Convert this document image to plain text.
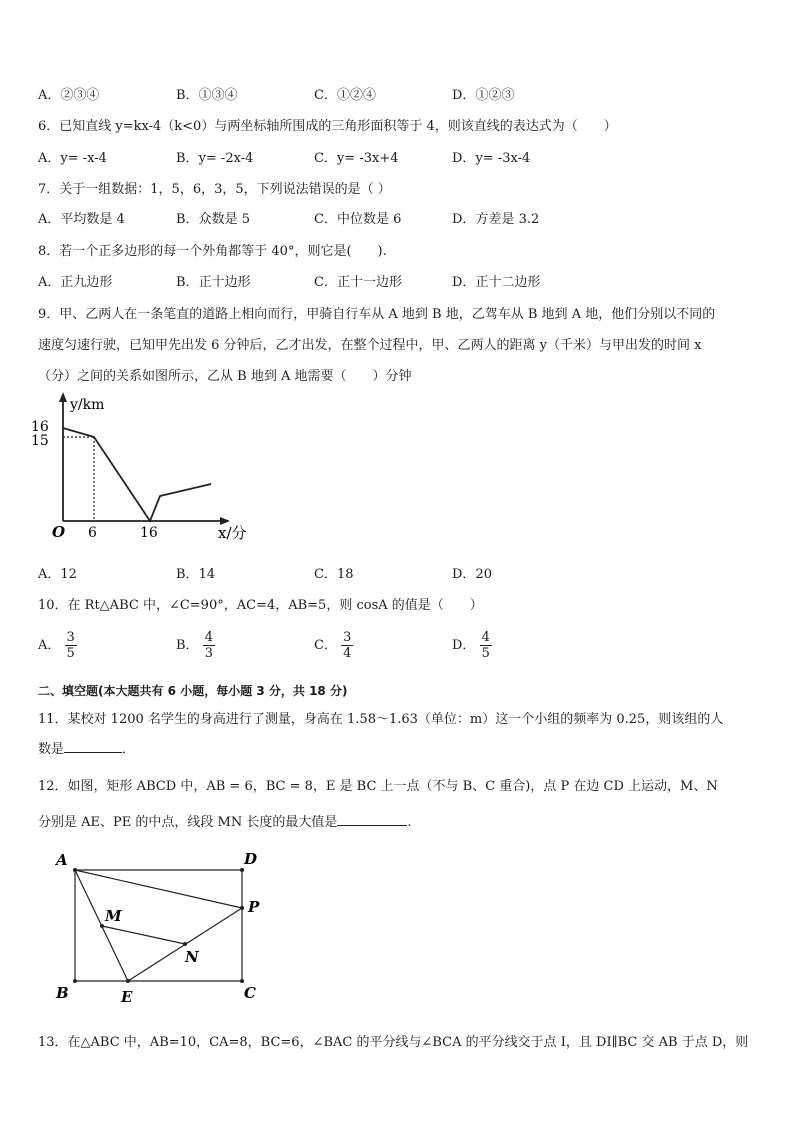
A．②③④	B．①③④	C．①②④	D．①②③
6．已知直线 y=kx-4（k<0）与两坐标轴所围成的三角形面积等于 4，则该直线的表达式为（　　）
A．y= -x-4	B．y= -2x-4	C．y= -3x+4	D．y= -3x-4
7．关于一组数据：1，5，6，3，5，下列说法错误的是（ ）
A．平均数是 4	B．众数是 5	C．中位数是 6	D．方差是 3.2
8．若一个正多边形的每一个外角都等于 40°，则它是(　　).
A．正九边形	B．正十边形	C．正十一边形	D．正十二边形
9．甲、乙两人在一条笔直的道路上相向而行，甲骑自行车从 A 地到 B 地，乙驾车从 B 地到 A 地，他们分别以不同的
速度匀速行驶，已知甲先出发 6 分钟后，乙才出发，在整个过程中，甲、乙两人的距离 y（千米）与甲出发的时间 x
（分）之间的关系如图所示，乙从 B 地到 A 地需要（　　）分钟
y/km
16
15
O 6	16	x/分
A．12	B．14	C．18	D．20
10．在 Rt△ABC 中，∠C=90°，AC=4，AB=5，则 cosA 的值是（　　）
A． $\frac{3}{5}$	B． $\frac{4}{3}$	C． $\frac{3}{4}$	D． $\frac{4}{5}$
二、填空题(本大题共有 6 小题，每小题 3 分，共 18 分)
11．某校对 1200 名学生的身高进行了测量，身高在 1.58～1.63（单位：m）这一个小组的频率为 0.25，则该组的人
数是	．
12．如图，矩形 ABCD 中，AB = 6，BC = 8，E 是 BC 上一点（不与 B、C 重合)，点 P 在边 CD 上运动，M、N
分别是 AE、PE 的中点，线段 MN 长度的最大值是	.
A	D
B	C
E
P
M
N
13．在△ABC 中，AB=10，CA=8，BC=6，∠BAC 的平分线与∠BCA 的平分线交于点 I，且 DI∥BC 交 AB 于点 D，则
